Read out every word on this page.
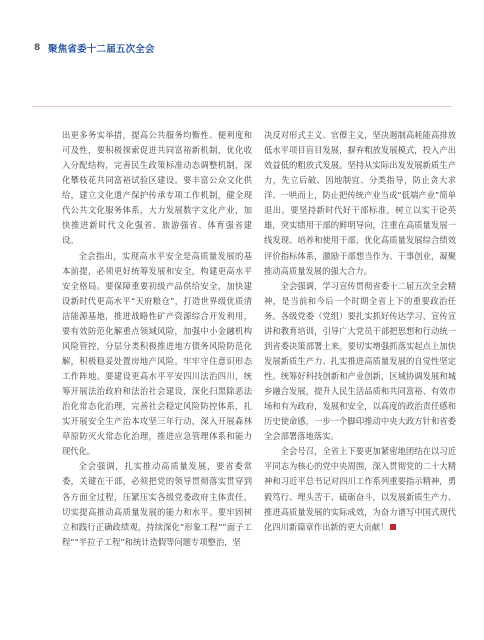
8 聚焦省委十二届五次全会

出更多务实举措，提高公共服务均衡性、便利度和可及性，要积极探索促进共同富裕新机制，优化收入分配结构，完善民生政策标准动态调整机制，深化攀枝花共同富裕试验区建设。要丰富公众文化供给，建立文化遗产保护传承专项工作机制，健全现代公共文化服务体系，大力发展数字文化产业，加快推进新时代文化强省、旅游强省、体育强省建设。

全会指出，实现高水平安全是高质量发展的基本前提，必须更好统筹发展和安全，构建更高水平安全格局。要保障重要初级产品供给安全，加快建设新时代更高水平“天府粮仓”，打造世界级优质清洁能源基地，推进战略性矿产资源综合开发利用，要有效防范化解重点领域风险，加强中小金融机构风险管控，分层分类积极推进地方债务风险防范化解，积极稳妥处置房地产风险。牢牢守住意识形态工作阵地。要建设更高水平平安四川法治四川，统筹开展法治政府和法治社会建设，深化扫黑除恶法治化常态化治理，完善社会稳定风险防控体系，扎实开展安全生产治本攻坚三年行动，深入开展森林草原防灭火常态化治理，推进应急管理体系和能力现代化。

全会强调，扎实推动高质量发展，要省委常委，关键在干部，必须把党的领导贯彻落实贯穿到各方面全过程，压紧压实各级党委政府主体责任，切实提高推动高质量发展的能力和水平。要牢固树立和践行正确政绩观，持续深化“形象工程”“面子工程”“半拉子工程”和统计造假等问题专项整治，坚

决反对形式主义、官僚主义，坚决遏制高耗能高排放低水平项目盲目发展，摒弃粗放发展模式，投入产出效益低的粗放式发展。坚持从实际出发发展新质生产力，先立后破、因地制宜、分类指导，防止贪大求洋、一哄而上，防止把传统产业当成“低端产业”简单退出。要坚持新时代好干部标准，树立以实干论英雄，突实绩用干部的鲜明导向，注重在高质量发展一线发现、培养和使用干部，优化高质量发展综合绩效评价指标体系，激励干部想当作为、干事创业，凝聚推动高质量发展的强大合力。

全会强调，学习宣传贯彻省委十二届五次全会精神，是当前和今后一个时期全省上下的重要政治任务。各级党委（党组）要扎实抓好传达学习、宣传宣讲和教育培训，引导广大党员干部把思想和行动统一到省委决策部署上来。要切实增强抓落实起点上加快发展新质生产力、扎实推进高质量发展的自觉性坚定性。统筹好科技创新和产业创新，区域协调发展和城乡融合发展，提升人民生活品质和共同富裕、有效市场和有为政府，发展和安全，以高度的政治责任感和历史使命感，一步一个脚印推动中央大政方针和省委全会部署落地落实。

全会号召，全省上下要更加紧密地团结在以习近平同志为核心的党中央周围，深入贯彻党的二十大精神和习近平总书记对四川工作系列重要指示精神，勇毅笃行、埋头苦干、砥砺奋斗，以发展新质生产力、推进高质量发展的实际成效，为奋力谱写中国式现代化四川新篇章作出新的更大贡献！
